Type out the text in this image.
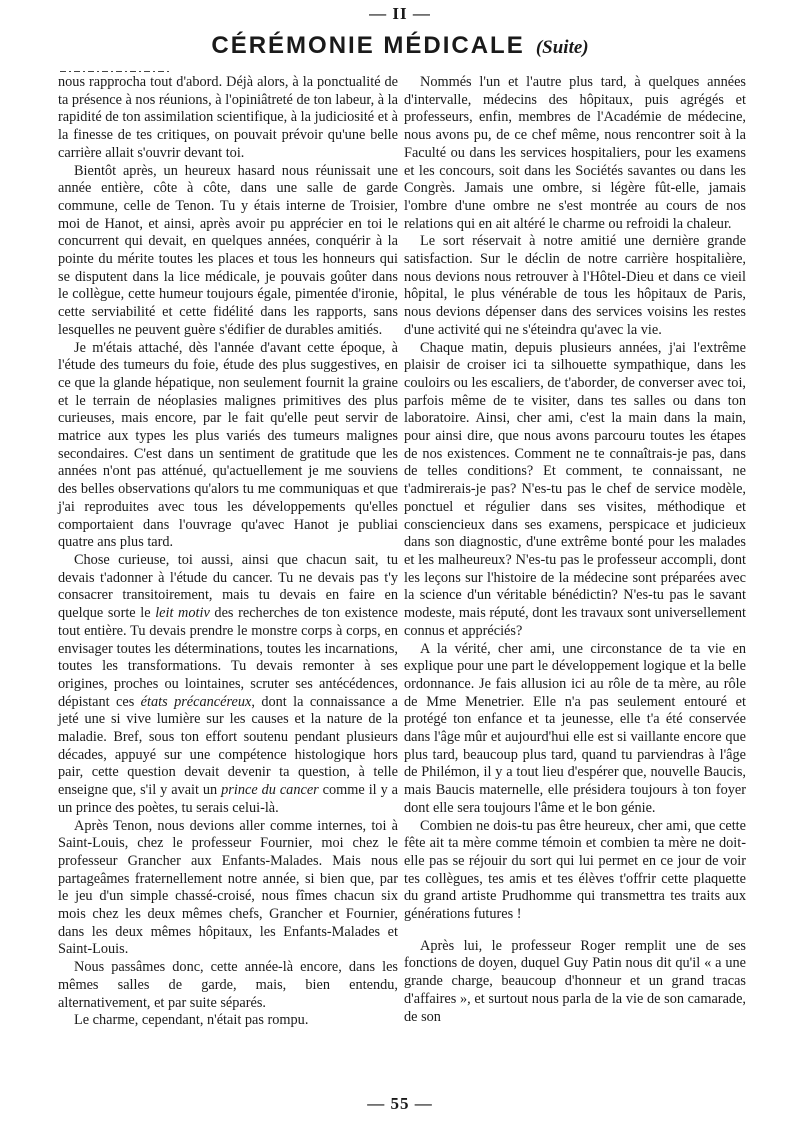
— II —
CÉRÉMONIE MÉDICALE (Suite)

nous rapprocha tout d'abord. Déjà alors, à la ponctualité de ta présence à nos réunions, à l'opiniâtreté de ton labeur, à la rapidité de ton assimilation scientifique, à la judiciosité et à la finesse de tes critiques, on pouvait prévoir qu'une belle carrière allait s'ouvrir devant toi.

Bientôt après, un heureux hasard nous réunissait une année entière, côte à côte, dans une salle de garde commune, celle de Tenon. Tu y étais interne de Troisier, moi de Hanot, et ainsi, après avoir pu apprécier en toi le concurrent qui devait, en quelques années, conquérir à la pointe du mérite toutes les places et tous les honneurs qui se disputent dans la lice médicale, je pouvais goûter dans le collègue, cette humeur toujours égale, pimentée d'ironie, cette serviabilité et cette fidélité dans les rapports, sans lesquelles ne peuvent guère s'édifier de durables amitiés.

Je m'étais attaché, dès l'année d'avant cette époque, à l'étude des tumeurs du foie, étude des plus suggestives, en ce que la glande hépatique, non seulement fournit la graine et le terrain de néoplasies malignes primitives des plus curieuses, mais encore, par le fait qu'elle peut servir de matrice aux types les plus variés des tumeurs malignes secondaires. C'est dans un sentiment de gratitude que les années n'ont pas atténué, qu'actuellement je me souviens des belles observations qu'alors tu me communiquas et que j'ai reproduites avec tous les développements qu'elles comportaient dans l'ouvrage qu'avec Hanot je publiai quatre ans plus tard.

Chose curieuse, toi aussi, ainsi que chacun sait, tu devais t'adonner à l'étude du cancer. Tu ne devais pas t'y consacrer transitoirement, mais tu devais en faire en quelque sorte le leit motiv des recherches de ton existence tout entière. Tu devais prendre le monstre corps à corps, en envisager toutes les déterminations, toutes les incarnations, toutes les transformations. Tu devais remonter à ses origines, proches ou lointaines, scruter ses antécédences, dépistant ces états précancéreux, dont la connaissance a jeté une si vive lumière sur les causes et la nature de la maladie. Bref, sous ton effort soutenu pendant plusieurs décades, appuyé sur une compétence histologique hors pair, cette question devait devenir ta question, à telle enseigne que, s'il y avait un prince du cancer comme il y a un prince des poètes, tu serais celui-là.

Après Tenon, nous devions aller comme internes, toi à Saint-Louis, chez le professeur Fournier, moi chez le professeur Grancher aux Enfants-Malades. Mais nous partageâmes fraternellement notre année, si bien que, par le jeu d'un simple chassé-croisé, nous fîmes chacun six mois chez les deux mêmes chefs, Grancher et Fournier, dans les deux mêmes hôpitaux, les Enfants-Malades et Saint-Louis.

Nous passâmes donc, cette année-là encore, dans les mêmes salles de garde, mais, bien entendu, alternativement, et par suite séparés.

Le charme, cependant, n'était pas rompu.

Nommés l'un et l'autre plus tard, à quelques années d'intervalle, médecins des hôpitaux, puis agrégés et professeurs, enfin, membres de l'Académie de médecine, nous avons pu, de ce chef même, nous rencontrer soit à la Faculté ou dans les services hospitaliers, pour les examens et les concours, soit dans les Sociétés savantes ou dans les Congrès. Jamais une ombre, si légère fût-elle, jamais l'ombre d'une ombre ne s'est montrée au cours de nos relations qui en ait altéré le charme ou refroidi la chaleur.

Le sort réservait à notre amitié une dernière grande satisfaction. Sur le déclin de notre carrière hospitalière, nous devions nous retrouver à l'Hôtel-Dieu et dans ce vieil hôpital, le plus vénérable de tous les hôpitaux de Paris, nous devions dépenser dans des services voisins les restes d'une activité qui ne s'éteindra qu'avec la vie.

Chaque matin, depuis plusieurs années, j'ai l'extrême plaisir de croiser ici ta silhouette sympathique, dans les couloirs ou les escaliers, de t'aborder, de converser avec toi, parfois même de te visiter, dans tes salles ou dans ton laboratoire. Ainsi, cher ami, c'est la main dans la main, pour ainsi dire, que nous avons parcouru toutes les étapes de nos existences. Comment ne te connaîtrais-je pas, dans de telles conditions? Et comment, te connaissant, ne t'admirerais-je pas? N'es-tu pas le chef de service modèle, ponctuel et régulier dans ses visites, méthodique et consciencieux dans ses examens, perspicace et judicieux dans son diagnostic, d'une extrême bonté pour les malades et les malheureux? N'es-tu pas le professeur accompli, dont les leçons sur l'histoire de la médecine sont préparées avec la science d'un véritable bénédictin? N'es-tu pas le savant modeste, mais réputé, dont les travaux sont universellement connus et appréciés?

A la vérité, cher ami, une circonstance de ta vie en explique pour une part le développement logique et la belle ordonnance. Je fais allusion ici au rôle de ta mère, au rôle de Mme Menetrier. Elle n'a pas seulement entouré et protégé ton enfance et ta jeunesse, elle t'a été conservée dans l'âge mûr et aujourd'hui elle est si vaillante encore que plus tard, beaucoup plus tard, quand tu parviendras à l'âge de Philémon, il y a tout lieu d'espérer que, nouvelle Baucis, mais Baucis maternelle, elle présidera toujours à ton foyer dont elle sera toujours l'âme et le bon génie.

Combien ne dois-tu pas être heureux, cher ami, que cette fête ait ta mère comme témoin et combien ta mère ne doit-elle pas se réjouir du sort qui lui permet en ce jour de voir tes collègues, tes amis et tes élèves t'offrir cette plaquette du grand artiste Prudhomme qui transmettra tes traits aux générations futures !

Après lui, le professeur Roger remplit une de ses fonctions de doyen, duquel Guy Patin nous dit qu'il « a une grande charge, beaucoup d'honneur et un grand tracas d'affaires », et surtout nous parla de la vie de son camarade, de son

— 55 —
